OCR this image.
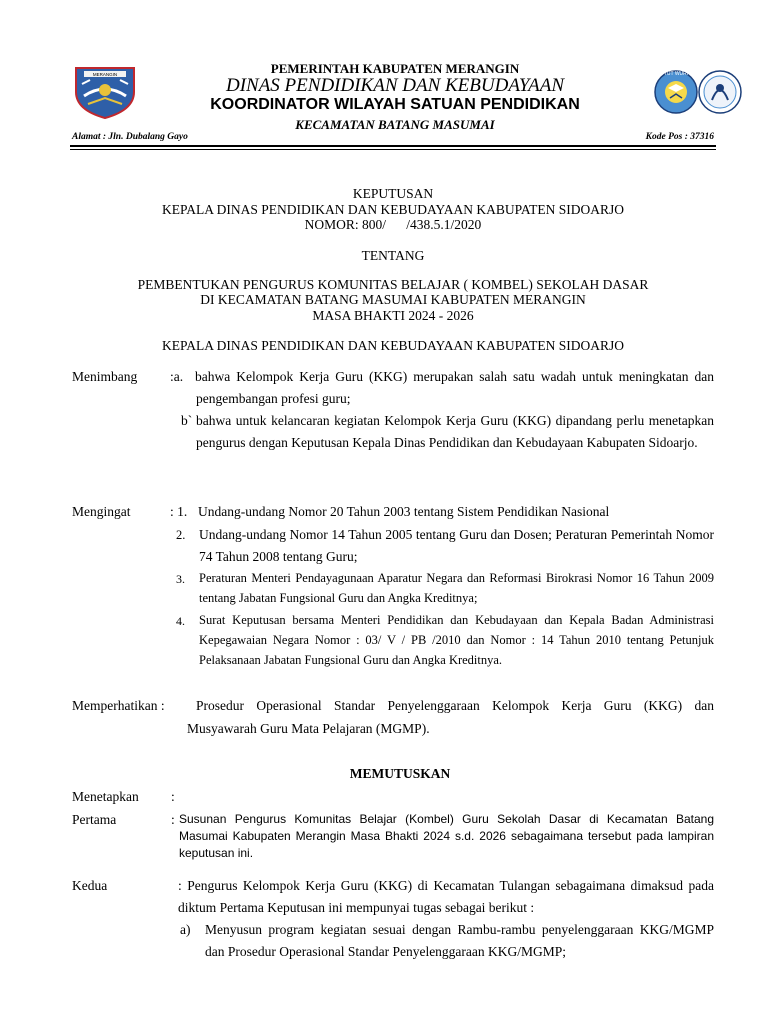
MERANGIN	TUT WURI
PEMERINTAH KABUPATEN MERANGIN
DINAS PENDIDIKAN DAN KEBUDAYAAN
KOORDINATOR WILAYAH SATUAN PENDIDIKAN
KECAMATAN BATANG MASUMAI
Alamat : Jln. Dubalang Gayo	Kode Pos : 37316
KEPUTUSAN
KEPALA DINAS PENDIDIKAN DAN KEBUDAYAAN KABUPATEN SIDOARJO
NOMOR: 800/      /438.5.1/2020
TENTANG
PEMBENTUKAN PENGURUS KOMUNITAS BELAJAR ( KOMBEL) SEKOLAH DASAR
DI KECAMATAN BATANG MASUMAI KABUPATEN MERANGIN
MASA BHAKTI 2024 - 2026
KEPALA DINAS PENDIDIKAN DAN KEBUDAYAAN KABUPATEN SIDOARJO
Menimbang :a. bahwa Kelompok Kerja Guru (KKG) merupakan salah satu wadah untuk meningkatan dan pengembangan profesi guru;
b` bahwa untuk kelancaran kegiatan Kelompok Kerja Guru (KKG) dipandang perlu menetapkan pengurus dengan Keputusan Kepala Dinas Pendidikan dan Kebudayaan Kabupaten Sidoarjo.
Mengingat	: 1. Undang-undang Nomor 20 Tahun 2003 tentang Sistem Pendidikan Nasional
2. Undang-undang Nomor 14 Tahun 2005 tentang Guru dan Dosen; Peraturan Pemerintah Nomor 74 Tahun 2008 tentang Guru;
3. Peraturan Menteri Pendayagunaan Aparatur Negara dan Reformasi Birokrasi Nomor 16 Tahun 2009 tentang Jabatan Fungsional Guru dan Angka Kreditnya;
4. Surat Keputusan bersama Menteri Pendidikan dan Kebudayaan dan Kepala Badan Administrasi Kepegawaian Negara Nomor : 03/ V / PB /2010 dan Nomor : 14 Tahun 2010 tentang Petunjuk Pelaksanaan Jabatan Fungsional Guru dan Angka Kreditnya.
Memperhatikan : Prosedur Operasional Standar Penyelenggaraan Kelompok Kerja Guru (KKG) dan
Musyawarah Guru Mata Pelajaran (MGMP).
MEMUTUSKAN
Menetapkan :
Pertama	: Susunan Pengurus Komunitas Belajar (Kombel) Guru Sekolah Dasar di Kecamatan Batang Masumai Kabupaten Merangin Masa Bhakti 2024 s.d. 2026 sebagaimana tersebut pada lampiran keputusan ini.
Kedua	: Pengurus Kelompok Kerja Guru (KKG) di Kecamatan Tulangan sebagaimana dimaksud pada diktum Pertama Keputusan ini mempunyai tugas sebagai berikut :
a) Menyusun program kegiatan sesuai dengan Rambu-rambu penyelenggaraan KKG/MGMP dan Prosedur Operasional Standar Penyelenggaraan KKG/MGMP;
